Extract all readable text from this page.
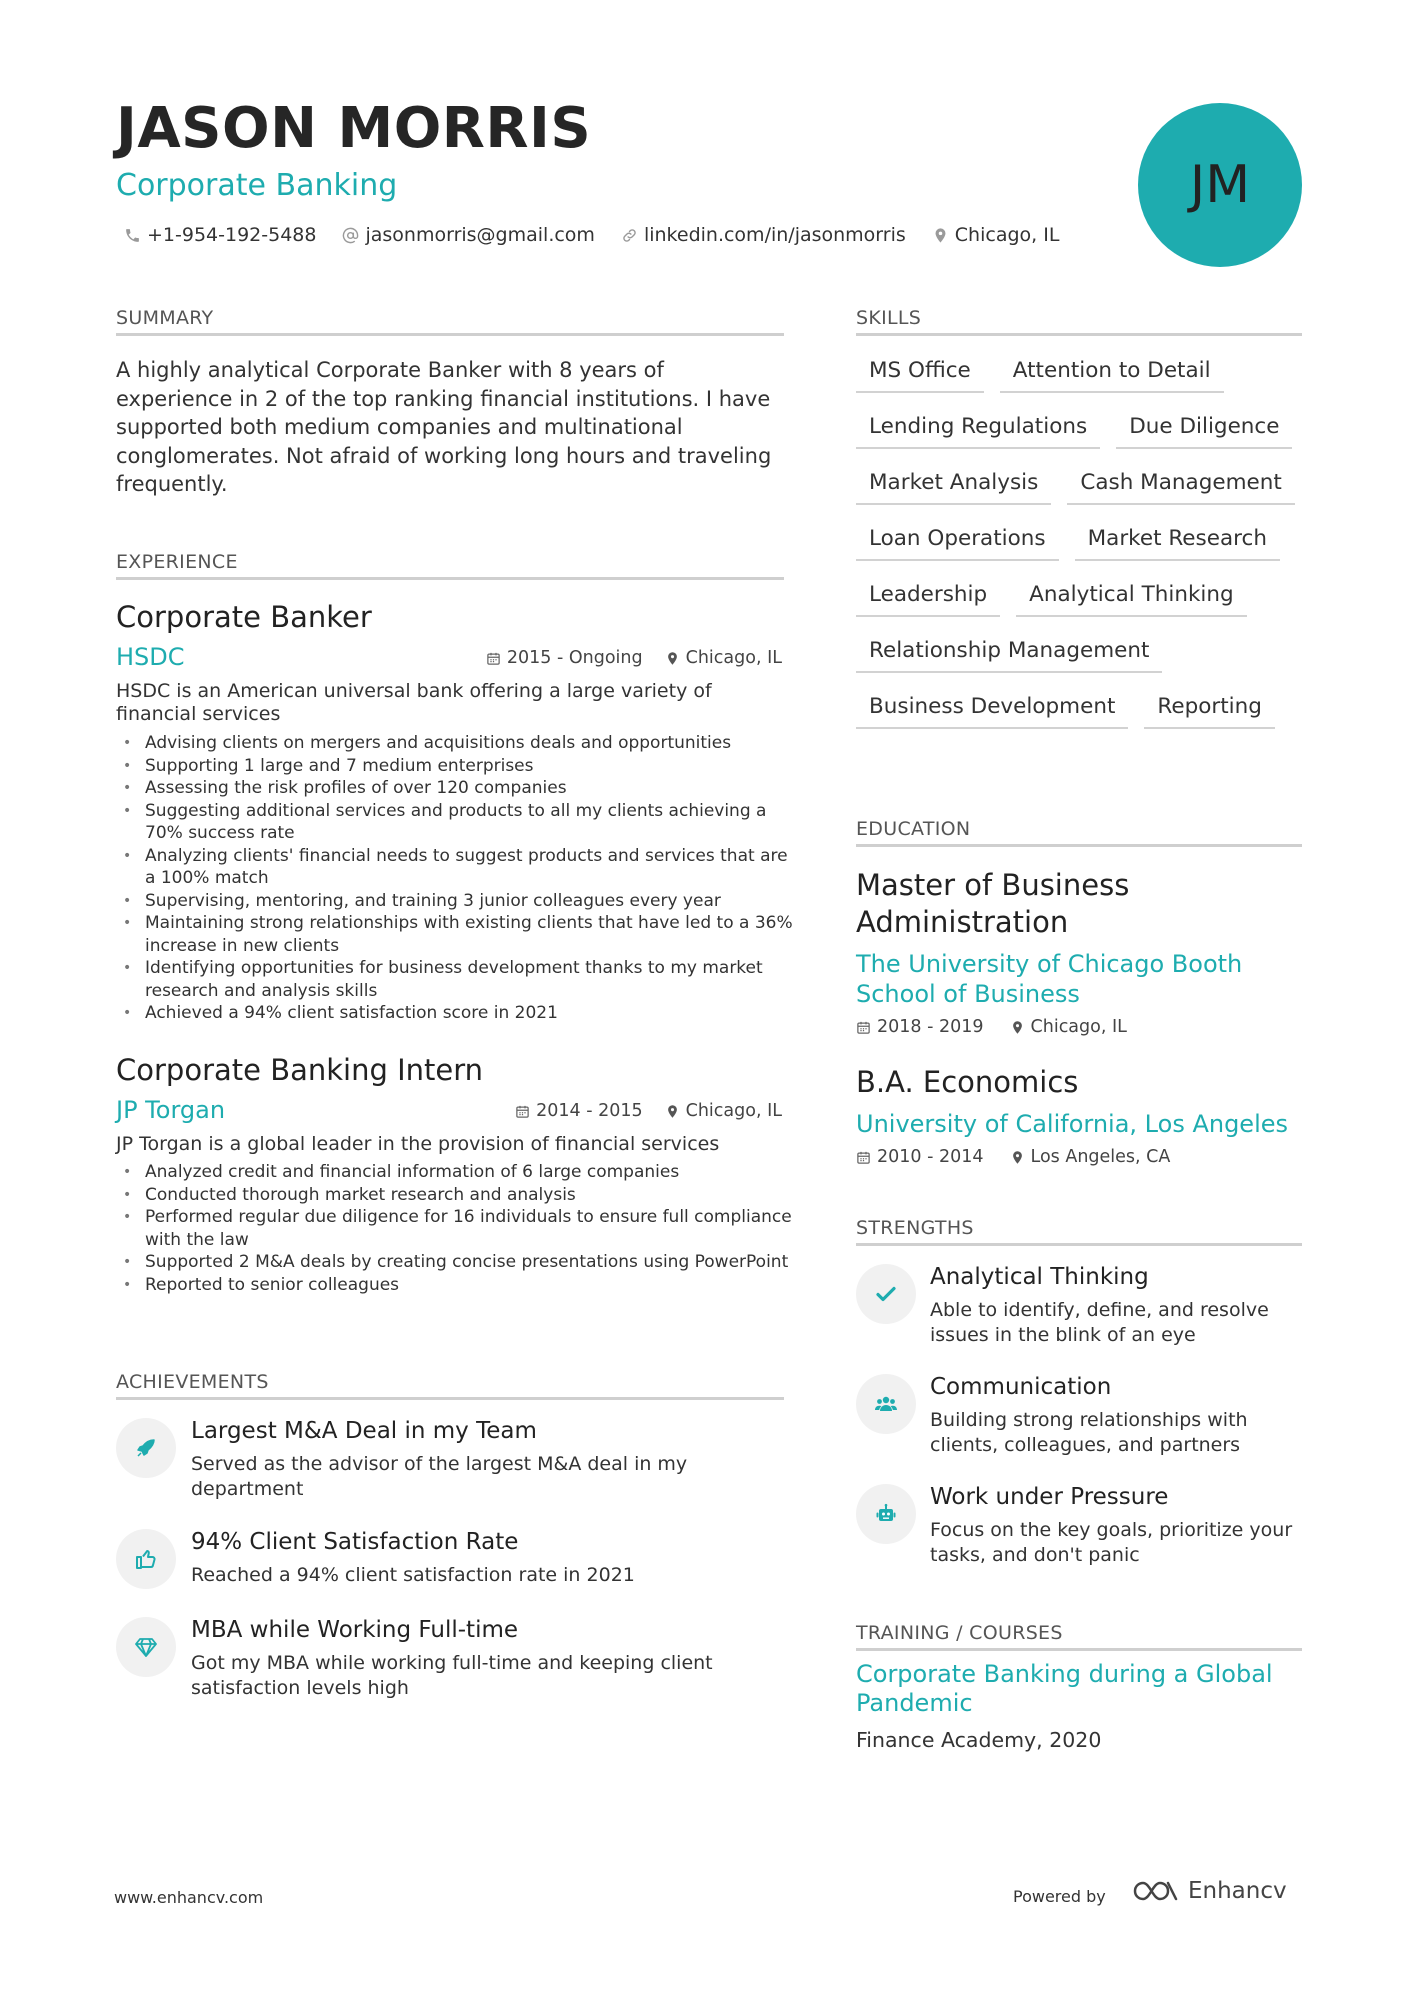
JASON MORRIS
Corporate Banking
+1-954-192-5488	jasonmorris@gmail.com	linkedin.com/in/jasonmorris	Chicago, IL
JM
SUMMARY
A highly analytical Corporate Banker with 8 years of experience in 2 of the top ranking financial institutions. I have supported both medium companies and multinational conglomerates. Not afraid of working long hours and traveling frequently.
EXPERIENCE
Corporate Banker
HSDC	2015 - Ongoing Chicago, IL
HSDC is an American universal bank offering a large variety of financial services
• Advising clients on mergers and acquisitions deals and opportunities
• Supporting 1 large and 7 medium enterprises
• Assessing the risk profiles of over 120 companies
• Suggesting additional services and products to all my clients achieving a 70% success rate
• Analyzing clients' financial needs to suggest products and services that are a 100% match
• Supervising, mentoring, and training 3 junior colleagues every year
• Maintaining strong relationships with existing clients that have led to a 36% increase in new clients
• Identifying opportunities for business development thanks to my market research and analysis skills
• Achieved a 94% client satisfaction score in 2021
Corporate Banking Intern
JP Torgan	2014 - 2015 Chicago, IL
JP Torgan is a global leader in the provision of financial services
• Analyzed credit and financial information of 6 large companies
• Conducted thorough market research and analysis
• Performed regular due diligence for 16 individuals to ensure full compliance with the law
• Supported 2 M&A deals by creating concise presentations using PowerPoint
• Reported to senior colleagues
ACHIEVEMENTS
Largest M&A Deal in my Team
Served as the advisor of the largest M&A deal in my department
94% Client Satisfaction Rate
Reached a 94% client satisfaction rate in 2021
MBA while Working Full-time
Got my MBA while working full-time and keeping client satisfaction levels high
SKILLS
MS Office	Attention to Detail
Lending Regulations	Due Diligence
Market Analysis	Cash Management
Loan Operations	Market Research
Leadership	Analytical Thinking
Relationship Management
Business Development	Reporting
EDUCATION
Master of Business Administration
The University of Chicago Booth School of Business
2018 - 2019	Chicago, IL
B.A. Economics
University of California, Los Angeles
2010 - 2014	Los Angeles, CA
STRENGTHS
Analytical Thinking
Able to identify, define, and resolve issues in the blink of an eye
Communication
Building strong relationships with clients, colleagues, and partners
Work under Pressure
Focus on the key goals, prioritize your tasks, and don't panic
TRAINING / COURSES
Corporate Banking during a Global Pandemic
Finance Academy, 2020
www.enhancv.com	Powered by	Enhancv
